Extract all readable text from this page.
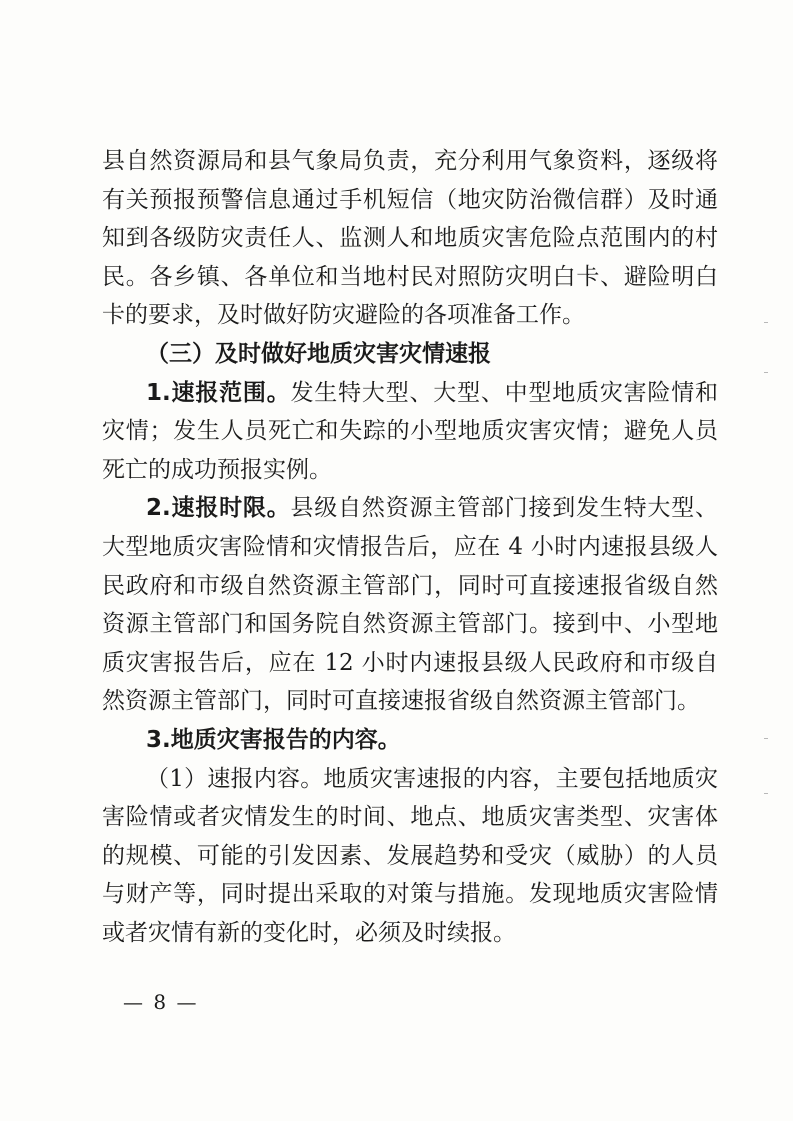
县自然资源局和县气象局负责，充分利用气象资料，逐级将有关预报预警信息通过手机短信（地灾防治微信群）及时通知到各级防灾责任人、监测人和地质灾害危险点范围内的村民。各乡镇、各单位和当地村民对照防灾明白卡、避险明白卡的要求，及时做好防灾避险的各项准备工作。

（三）及时做好地质灾害灾情速报

1.速报范围。发生特大型、大型、中型地质灾害险情和灾情；发生人员死亡和失踪的小型地质灾害灾情；避免人员死亡的成功预报实例。

2.速报时限。县级自然资源主管部门接到发生特大型、大型地质灾害险情和灾情报告后，应在 4 小时内速报县级人民政府和市级自然资源主管部门，同时可直接速报省级自然资源主管部门和国务院自然资源主管部门。接到中、小型地质灾害报告后，应在 12 小时内速报县级人民政府和市级自然资源主管部门，同时可直接速报省级自然资源主管部门。

3.地质灾害报告的内容。

（1）速报内容。地质灾害速报的内容，主要包括地质灾害险情或者灾情发生的时间、地点、地质灾害类型、灾害体的规模、可能的引发因素、发展趋势和受灾（威胁）的人员与财产等，同时提出采取的对策与措施。发现地质灾害险情或者灾情有新的变化时，必须及时续报。

— 8 —
